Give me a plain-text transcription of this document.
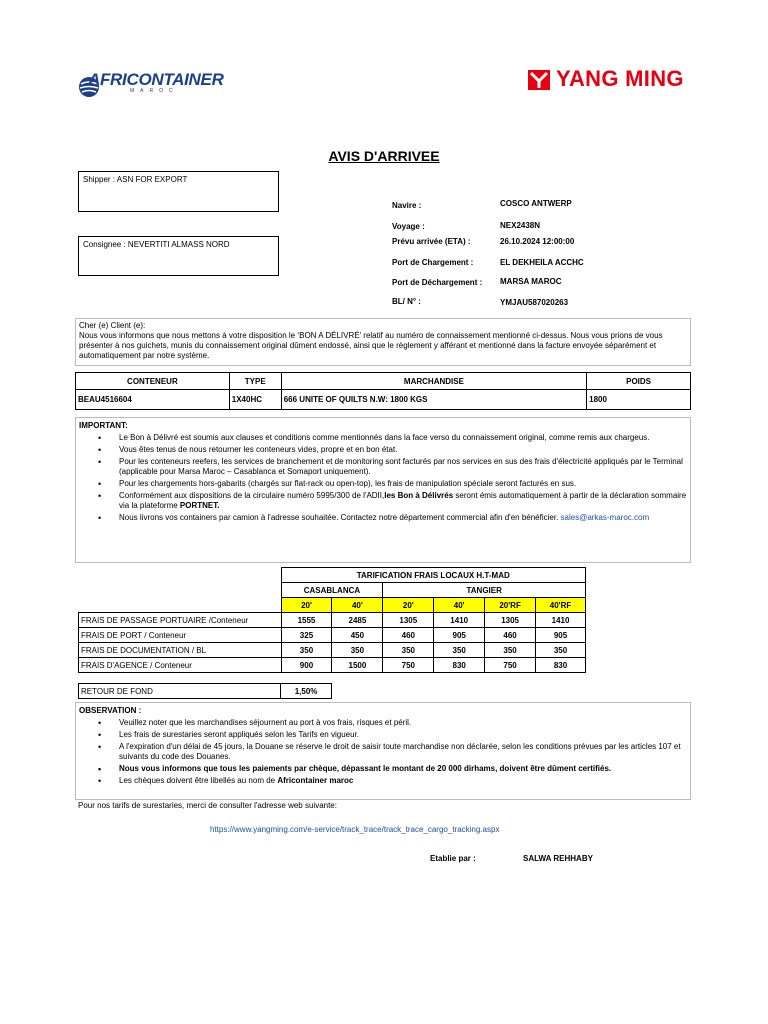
AFRICONTAINER
MAROC	YANG MING
AVIS D'ARRIVEE
Shipper : ASN FOR EXPORT
Consignee : NEVERTITI ALMASS NORD
Navire :	COSCO ANTWERP
Voyage :	NEX2438N
Prévu arrivée (ETA) :	26.10.2024 12:00:00
Port de Chargement :	EL DEKHEILA ACCHC
Port de Déchargement :	MARSA MAROC
BL/ N° :	YMJAU587020263
Cher (e) Client (e):
Nous vous informons que nous mettons à votre disposition le ‘BON A DÉLIVRÉ’ relatif au numéro de connaissement mentionné ci-dessus. Nous vous prions de vous présenter à nos guichets, munis du connaissement original dûment endossé, ainsi que le règlement y afférant et mentionné dans la facture envoyée séparément et automatiquement par notre système.
CONTENEUR	TYPE	MARCHANDISE	POIDS
BEAU4516604	1X40HC	666 UNITE OF QUILTS N.W: 1800 KGS	1800
IMPORTANT:
• Le Bon à Délivré est soumis aux clauses et conditions comme mentionnés dans la face verso du connaissement original, comme remis aux chargeus.
• Vous êtes tenus de nous retourner les conteneurs vides, propre et en bon état.
• Pour les conteneurs reefers, les services de branchement et de monitoring sont facturés par nos services en sus des frais d'électricité appliqués par le Terminal (applicable pour Marsa Maroc – Casablanca et Somaport uniquement).
• Pour les chargements hors-gabarits (chargés sur flat-rack ou open-top), les frais de manipulation spéciale seront facturés en sus.
• Conformément aux dispositions de la circulaire numéro 5995/300 de l'ADII,les Bon à Délivrés seront émis automatiquement à partir de la déclaration sommaire via la plateforme PORTNET.
• Nous livrons vos containers par camion à l'adresse souhaitée. Contactez notre département commercial afin d'en bénéficier. sales@arkas-maroc.com
	TARIFICATION FRAIS LOCAUX H.T-MAD					
	CASABLANCA		TANGIER			
	20'	40'	20'	40'	20'RF	40'RF
FRAIS DE PASSAGE PORTUAIRE /Conteneur	1555	2485	1305	1410	1305	1410
FRAIS DE PORT / Conteneur	325	450	460	905	460	905
FRAIS DE DOCUMENTATION / BL	350	350	350	350	350	350
FRAIS D'AGENCE / Conteneur	900	1500	750	830	750	830
RETOUR DE FOND	1,50%
OBSERVATION :
• Veuillez noter que les marchandises séjournent au port à vos frais, risques et péril.
• Les frais de surestaries seront appliqués selon les Tarifs en vigueur.
• A l'expiration d'un délai de 45 jours, la Douane se réserve le droit de saisir toute marchandise non déclarée, selon les conditions prévues par les articles 107 et suivants du code des Douanes.
• Nous vous informons que tous les paiements par chèque, dépassant le montant de 20 000 dirhams, doivent être dûment certifiés.
• Les chèques doivent être libellés au nom de Africontainer maroc
Pour nos tarifs de surestaries, merci de consulter l'adresse web suivante:
https://www.yangming.com/e-service/track_trace/track_trace_cargo_tracking.aspx
Etablie par :	SALWA REHHABY
